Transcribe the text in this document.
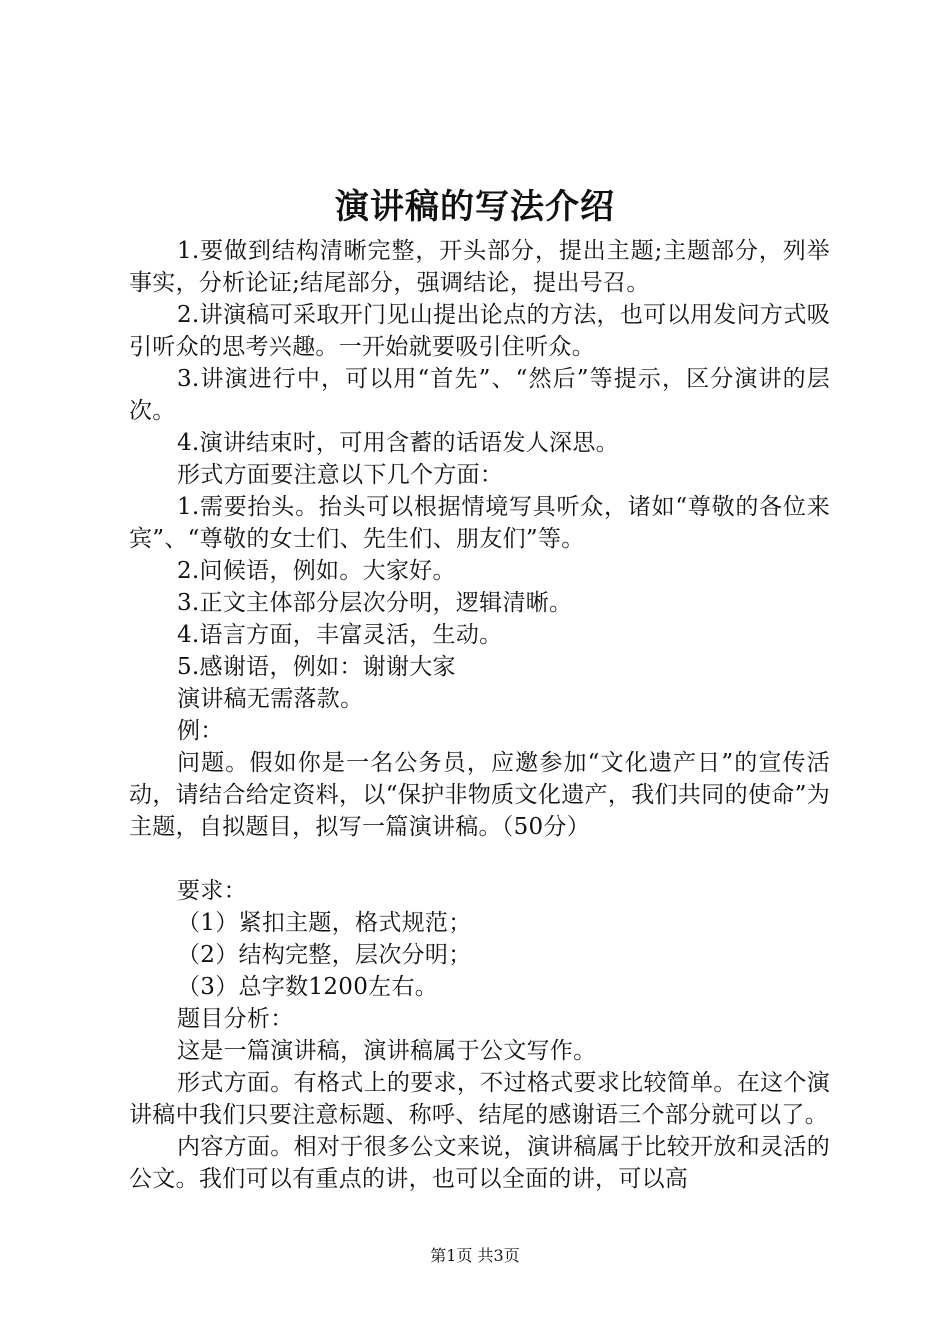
演讲稿的写法介绍

1.要做到结构清晰完整，开头部分，提出主题;主题部分，列举事实，分析论证;结尾部分，强调结论，提出号召。

2.讲演稿可采取开门见山提出论点的方法，也可以用发问方式吸引听众的思考兴趣。一开始就要吸引住听众。

3.讲演进行中，可以用“首先”、“然后”等提示，区分演讲的层次。

4.演讲结束时，可用含蓄的话语发人深思。

形式方面要注意以下几个方面：

1.需要抬头。抬头可以根据情境写具听众，诸如“尊敬的各位来宾”、“尊敬的女士们、先生们、朋友们”等。

2.问候语，例如。大家好。

3.正文主体部分层次分明，逻辑清晰。

4.语言方面，丰富灵活，生动。

5.感谢语，例如：谢谢大家

演讲稿无需落款。

例：

问题。假如你是一名公务员，应邀参加“文化遗产日”的宣传活动，请结合给定资料，以“保护非物质文化遗产，我们共同的使命”为主题，自拟题目，拟写一篇演讲稿。（50分）

要求：

（1）紧扣主题，格式规范；

（2）结构完整，层次分明；

（3）总字数1200左右。

题目分析：

这是一篇演讲稿，演讲稿属于公文写作。

形式方面。有格式上的要求，不过格式要求比较简单。在这个演讲稿中我们只要注意标题、称呼、结尾的感谢语三个部分就可以了。

内容方面。相对于很多公文来说，演讲稿属于比较开放和灵活的公文。我们可以有重点的讲，也可以全面的讲，可以高

第1页 共3页
